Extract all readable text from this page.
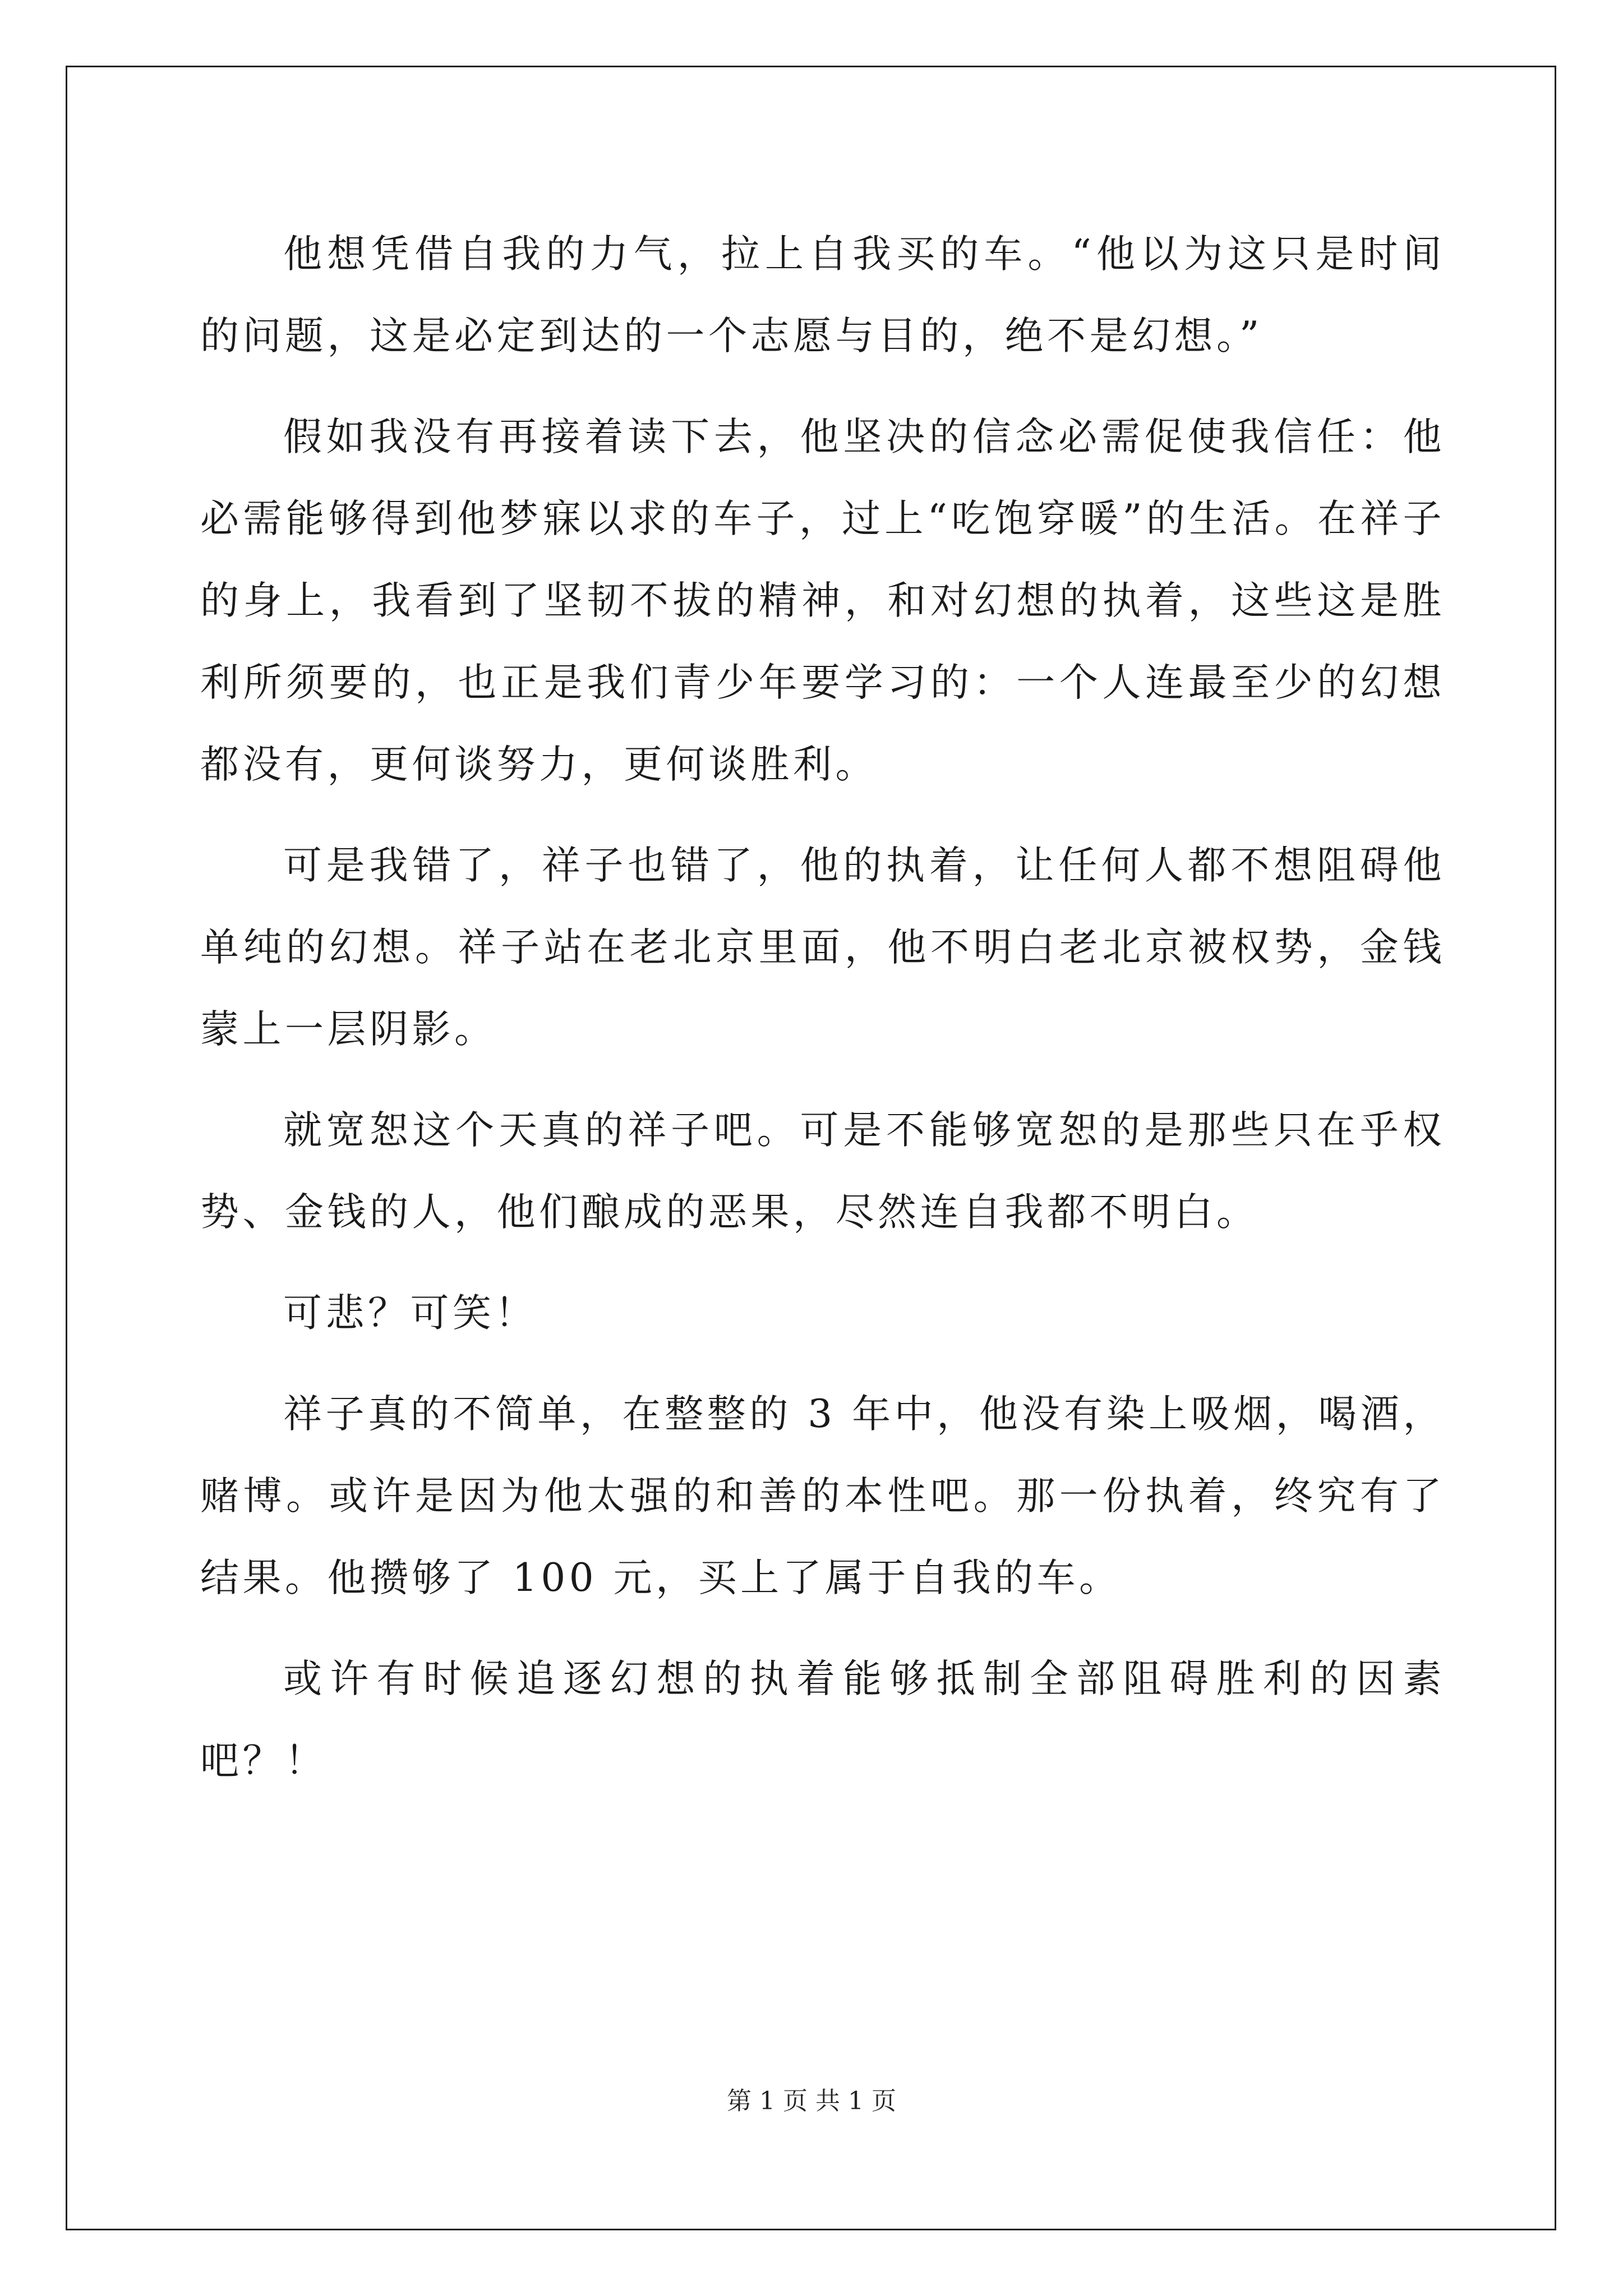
他想凭借自我的力气，拉上自我买的车。“他以为这只是时间的问题，这是必定到达的一个志愿与目的，绝不是幻想。”

假如我没有再接着读下去，他坚决的信念必需促使我信任：他必需能够得到他梦寐以求的车子，过上“吃饱穿暖”的生活。在祥子的身上，我看到了坚韧不拔的精神，和对幻想的执着，这些这是胜利所须要的，也正是我们青少年要学习的：一个人连最至少的幻想都没有，更何谈努力，更何谈胜利。

可是我错了，祥子也错了，他的执着，让任何人都不想阻碍他单纯的幻想。祥子站在老北京里面，他不明白老北京被权势，金钱蒙上一层阴影。

就宽恕这个天真的祥子吧。可是不能够宽恕的是那些只在乎权势、金钱的人，他们酿成的恶果，尽然连自我都不明白。

可悲？可笑！

祥子真的不简单，在整整的 3 年中，他没有染上吸烟，喝酒，赌博。或许是因为他太强的和善的本性吧。那一份执着，终究有了结果。他攒够了 100 元，买上了属于自我的车。

或许有时候追逐幻想的执着能够抵制全部阻碍胜利的因素吧？！

第 1 页 共 1 页
